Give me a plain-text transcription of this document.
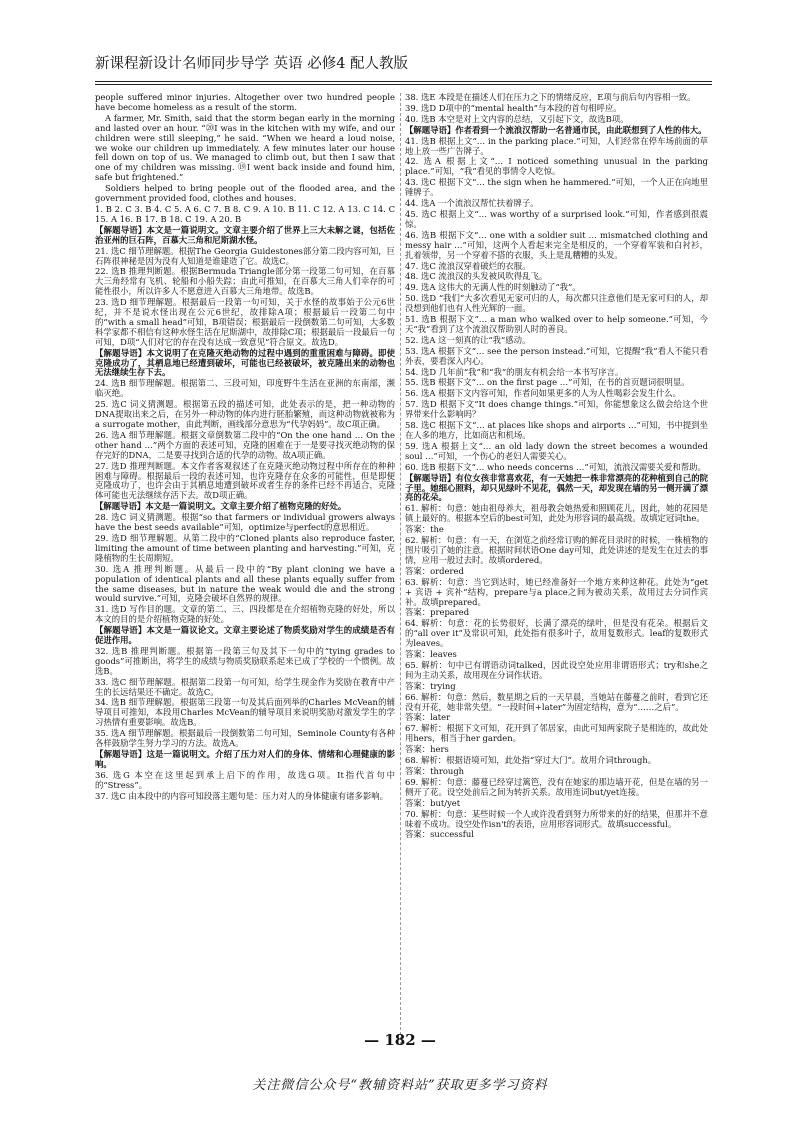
新课程新设计名师同步导学 英语 必修4 配人教版

people suffered minor injuries. Altogether over two hundred people have become homeless as a result of the storm.

A farmer, Mr. Smith, said that the storm began early in the morning and lasted over an hour. “⑳I was in the kitchen with my wife, and our children were still sleeping,” he said. “When we heard a loud noise, we woke our children up immediately. A few minutes later our house fell down on top of us. We managed to climb out, but then I saw that one of my children was missing. ⑲I went back inside and found him, safe but frightened.”

Soldiers helped to bring people out of the flooded area, and the government provided food, clothes and houses.

1. B 2. C 3. B 4. C 5. A 6. C 7. B 8. C 9. A 10. B 11. C 12. A 13. C 14. C 15. A 16. B 17. B 18. C 19. A 20. B

【解题导语】本文是一篇说明文。文章主要介绍了世界上三大未解之谜，包括佐治亚州的巨石阵，百慕大三角和尼斯湖水怪。

21. 选C 细节理解题。根据The Georgia Guidestones部分第二段内容可知，巨石阵很神秘是因为没有人知道是谁建造了它。故选C。

22. 选B 推理判断题。根据Bermuda Triangle部分第一段第二句可知，在百慕大三角经常有飞机、轮船和小船失踪；由此可推知，在百慕大三角人们幸存的可能性很小，所以许多人不愿意进入百慕大三角地带。故选B。

23. 选D 细节理解题。根据最后一段第一句可知，关于水怪的故事始于公元6世纪，并不是说水怪出现在公元6世纪，故排除A项；根据最后一段第二句中的“with a small head”可知，B项错误；根据最后一段倒数第二句可知，大多数科学家都不相信有这种水怪生活在尼斯湖中，故排除C项；根据最后一段最后一句可知，D项“人们对它的存在没有达成一致意见”符合原文。故选D。

【解题导语】本文说明了在克隆灭绝动物的过程中遇到的重重困难与障碍。即使克隆成功了，其栖息地已经遭到破坏，可能也已经被破坏，被克隆出来的动物也无法继续生存下去。

24. 选B 细节理解题。根据第二、三段可知，印度野牛生活在亚洲的东南部，濒临灭绝。

25. 选C 词义猜测题。根据第五段的描述可知，此处表示的是，把一种动物的DNA提取出来之后，在另外一种动物的体内进行胚胎繁殖，而这种动物就被称为a surrogate mother，由此判断，画线部分意思为“代孕妈妈”。故C项正确。

26. 选A 细节理解题。根据文章倒数第二段中的“On the one hand … On the other hand …”两个方面的表述可知，克隆的困难在于一是要寻找灭绝动物的保存完好的DNA，二是要寻找到合适的代孕的动物。故A项正确。

27. 选D 推理判断题。本文作者客观叙述了在克隆灭绝动物过程中所存在的种种困难与障碍。根据最后一段的表述可知，也许克隆存在众多的可能性，但是即便克隆成功了，也许会由于其栖息地遭到破坏或者生存的条件已经不再适合，克隆体可能也无法继续存活下去。故D项正确。

【解题导语】本文是一篇说明文。文章主要介绍了植物克隆的好处。

28. 选C 词义猜测题。根据“so that farmers or individual growers always have the best seeds available”可知，optimize与perfect的意思相近。

29. 选D 细节理解题。从第二段中的“Cloned plants also reproduce faster, limiting the amount of time between planting and harvesting.”可知，克隆植物的生长周期短。

30. 选A 推理判断题。从最后一段中的“By plant cloning we have a population of identical plants and all these plants equally suffer from the same diseases, but in nature the weak would die and the strong would survive.”可知，克隆会破坏自然界的规律。

31. 选D 写作目的题。文章的第二、三、四段都是在介绍植物克隆的好处，所以本文的目的是介绍植物克隆的好处。

【解题导语】本文是一篇议论文。文章主要论述了物质奖励对学生的成绩是否有促进作用。

32. 选B 推理判断题。根据第一段第三句及其下一句中的“tying grades to goods”可推断出，将学生的成绩与物质奖励联系起来已成了学校的一个惯例。故选B。

33. 选C 细节理解题。根据第二段第一句可知，给学生现金作为奖励在教育中产生的长远结果还不确定。故选C。

34. 选B 细节理解题。根据第三段第一句及其后面列举的Charles McVean的辅导项目可推知，本段用Charles McVean的辅导项目来说明奖励对激发学生的学习热情有重要影响。故选B。

35. 选A 细节理解题。根据最后一段倒数第二句可知，Seminole County有各种各样鼓励学生努力学习的方法。故选A。

【解题导语】这是一篇说明文。介绍了压力对人们的身体、情绪和心理健康的影响。

36. 选G 本空在这里起到承上启下的作用，故选G项。It指代首句中的“Stress”。

37. 选C 由本段中的内容可知段落主题句是：压力对人的身体健康有诸多影响。

38. 选E 本段是在描述人们在压力之下的情绪反应，E项与前后句内容相一致。

39. 选D D项中的“mental health”与本段的首句相呼应。

40. 选B 本空是对上文内容的总结，又引起下文，故选B项。

【解题导语】作者看到一个流浪汉帮助一名普通市民，由此联想到了人性的伟大。

41. 选B 根据上文“… in the parking place.”可知，人们经常在停车场前面的草地上放一些广告牌子。

42. 选A 根据上文“… I noticed something unusual in the parking place.”可知，“我”看见的事情令人吃惊。

43. 选C 根据下文“… the sign when he hammered.”可知，一个人正在向地里锤牌子。

44. 选A 一个流浪汉帮忙扶着牌子。

45. 选C 根据上文“… was worthy of a surprised look.”可知，作者感到很震惊。

46. 选B 根据下文“… one with a soldier suit … mismatched clothing and messy hair …”可知，这两个人看起来完全是相反的，一个穿着军装和白衬衫，扎着领带，另一个穿着不搭的衣服，头上是乱糟糟的头发。

47. 选C 流浪汉穿着破烂的衣服。

48. 选C 流浪汉的头发被风吹得乱飞。

49. 选A 这伟大的无满人性的时刻触动了“我”。

50. 选D “我们”大多次看见无家可归的人，每次都只注意他们是无家可归的人，却没想到他们也有人性光辉的一面。

51. 选B 根据下文“… a man who walked over to help someone.”可知，今天“我”看到了这个流浪汉帮助别人时的善良。

52. 选A 这一刻真的让“我”感动。

53. 选A 根据下文“… see the person instead.”可知，它提醒“我”看人不能只看外表，要看深入内心。

54. 选D 几年前“我”和“我”的朋友有机会给一本书写序言。

55. 选B 根据下文“… on the first page …”可知，在书的首页题词很明显。

56. 选A 根据下文内容可知，作者问如果更多的人为人性喝彩会发生什么。

57. 选D 根据下文“It does change things.”可知，你能想象这么做会给这个世界带来什么影响吗？

58. 选C 根据下文“… at places like shops and airports …”可知，书中提到坐在人多的地方，比如商店和机场。

59. 选A 根据上文“… an old lady down the street becomes a wounded soul …”可知，一个伤心的老妇人需要关心。

60. 选B 根据下文“… who needs concerns …”可知，流浪汉需要关爱和帮助。

【解题导语】有位女孩非常喜欢花，有一天她把一株非常漂亮的花种植到自己的院子里。她细心照料，却只见绿叶不见花，偶然一天，却发现在墙的另一侧开满了漂亮的花朵。

61. 解析：句意：她由祖母养大，祖母教会她热爱和照顾花儿，因此，她的花园是镇上最好的。根据本空后的best可知，此处为形容词的最高级。故填定冠词the。

答案：the

62. 解析：句意：有一天，在浏览之前经常订购的鲜花目录时的时候，一株植物的图片吸引了她的注意。根据时间状语One day可知，此处讲述的是发生在过去的事情，应用一般过去时。故填ordered。

答案：ordered

63. 解析：句意：当它到达时，她已经准备好一个地方来种这种花。此处为“get + 宾语 + 宾补”结构，prepare与a place之间为被动关系，故用过去分词作宾补。故填prepared。

答案：prepared

64. 解析：句意：花的长势很好，长满了漂亮的绿叶，但是没有花朵。根据后文的“all over it”及常识可知，此处指有很多叶子，故用复数形式。leaf的复数形式为leaves。

答案：leaves

65. 解析：句中已有谓语动词talked，因此设空处应用非谓语形式；try和she之间为主动关系，故用现在分词作状语。

答案：trying

66. 解析：句意：然后，数星期之后的一天早晨，当她站在藤蔓之前时，看到它还没有开花，她非常失望。“一段时间+later”为固定结构，意为“……之后”。

答案：later

67. 解析：根据下文可知，花开到了邻居家，由此可知两家院子是相连的，故此处用hers，相当于her garden。

答案：hers

68. 解析：根据语境可知，此处指“穿过大门”。故用介词through。

答案：through

69. 解析：句意：藤蔓已经穿过篱笆，没有在她家的那边墙开花，但是在墙的另一侧开了花。设空处前后之间为转折关系。故用连词but/yet连接。

答案：but/yet

70. 解析：句意：某些时候一个人或许没看到努力所带来的好的结果，但那并不意味着不成功。设空处作isn't的表语，应用形容词形式。故填successful。

答案：successful

— 182 —
关注微信公众号“教辅资料站”获取更多学习资料
